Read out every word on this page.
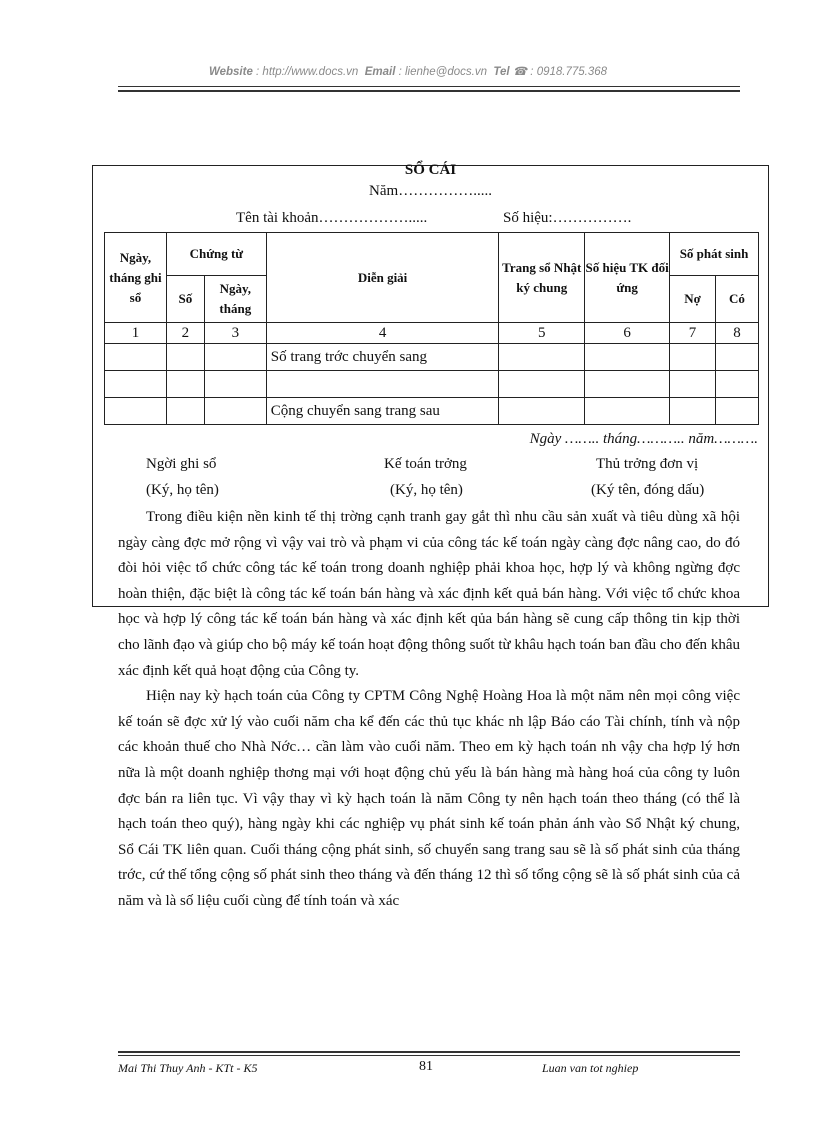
Website : http://www.docs.vn Email : lienhe@docs.vn Tel ☎ : 0918.775.368
SỔ CÁI
Năm…………….....
Tên tài khoản……………….....	Số hiệu:…………….
Ngày, tháng ghi sổ	Chứng từ		Diễn giải	Trang sổ Nhật ký chung	Số hiệu TK đối ứng	Số phát sinh	
	Số	Ngày, tháng				Nợ	Có
1	2	3	4	5	6	7	8
			Số trang trớc chuyển sang				

			Cộng chuyển sang trang sau				
Ngày …….. tháng……….. năm……….
Ngời ghi sổ
(Ký, họ tên)
Kế toán trởng
(Ký, họ tên)
Thủ trởng đơn vị
(Ký tên, đóng dấu)

Trong điều kiện nền kinh tế thị trờng cạnh tranh gay gắt thì nhu cầu sản xuất và tiêu dùng xã hội ngày càng đợc mở rộng vì vậy vai trò và phạm vi của công tác kế toán ngày càng đợc nâng cao, do đó đòi hỏi việc tổ chức công tác kế toán trong doanh nghiệp phải khoa học, hợp lý và không ngừng đợc hoàn thiện, đặc biệt là công tác kế toán bán hàng và xác định kết quả bán hàng. Với việc tổ chức khoa học và hợp lý công tác kế toán bán hàng và xác định kết qủa bán hàng sẽ cung cấp thông tin kịp thời cho lãnh đạo và giúp cho bộ máy kế toán hoạt động thông suốt từ khâu hạch toán ban đầu cho đến khâu xác định kết quả hoạt động của Công ty.

Hiện nay kỳ hạch toán của Công ty CPTM Công Nghệ Hoàng Hoa là một năm nên mọi công việc kế toán sẽ đợc xử lý vào cuối năm cha kể đến các thủ tục khác nh lập Báo cáo Tài chính, tính và nộp các khoản thuế cho Nhà Nớc… cần làm vào cuối năm. Theo em kỳ hạch toán nh vậy cha hợp lý hơn nữa là một doanh nghiệp thơng mại với hoạt động chủ yếu là bán hàng mà hàng hoá của công ty luôn đợc bán ra liên tục. Vì vậy thay vì kỳ hạch toán là năm Công ty nên hạch toán theo tháng (có thể là hạch toán theo quý), hàng ngày khi các nghiệp vụ phát sinh kế toán phản ánh vào Sổ Nhật ký chung, Sổ Cái TK liên quan. Cuối tháng cộng phát sinh, số chuyển sang trang sau sẽ là số phát sinh của tháng trớc, cứ thế tổng cộng số phát sinh theo tháng và đến tháng 12 thì số tổng cộng sẽ là số phát sinh của cả năm và là số liệu cuối cùng để tính toán và xác

Mai Thi Thuy Anh - KTt - K5	81	Luan van tot nghiep
